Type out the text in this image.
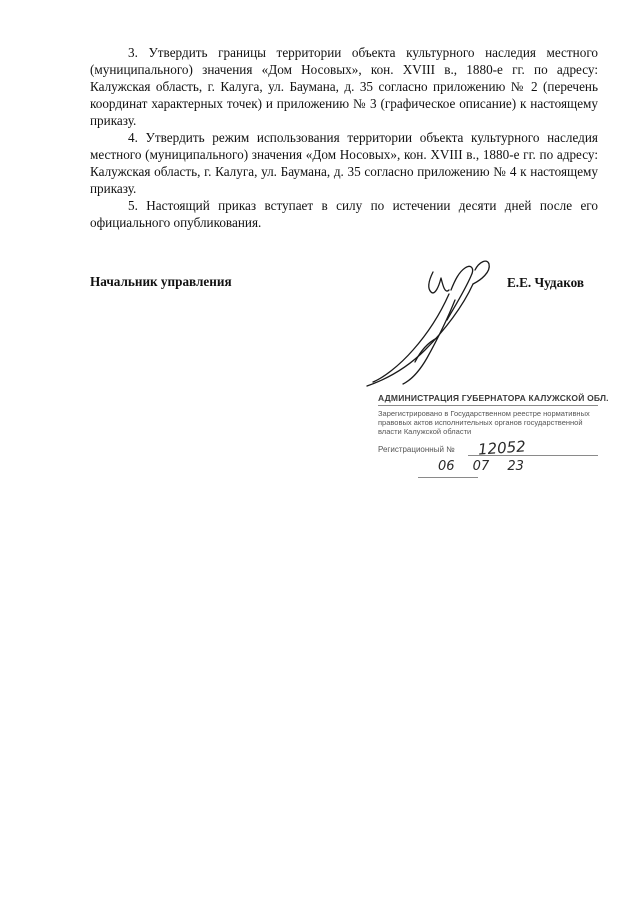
3. Утвердить границы территории объекта культурного наследия местного (муниципального) значения «Дом Носовых», кон. XVIII в., 1880-е гг. по адресу: Калужская область, г. Калуга, ул. Баумана, д. 35 согласно приложению № 2 (перечень координат характерных точек) и приложению № 3 (графическое описание) к настоящему приказу.

4. Утвердить режим использования территории объекта культурного наследия местного (муниципального) значения «Дом Носовых», кон. XVIII в., 1880-е гг. по адресу: Калужская область, г. Калуга, ул. Баумана, д. 35 согласно приложению № 4 к настоящему приказу.

5. Настоящий приказ вступает в силу по истечении десяти дней после его официального опубликования.

Начальник управления	Е.Е. Чудаков
АДМИНИСТРАЦИЯ ГУБЕРНАТОРА КАЛУЖСКОЙ ОБЛ.
Зарегистрировано в Государственном реестре нормативных правовых актов исполнительных органов государственной власти Калужской области
Регистрационный № 12052
06 07 23
